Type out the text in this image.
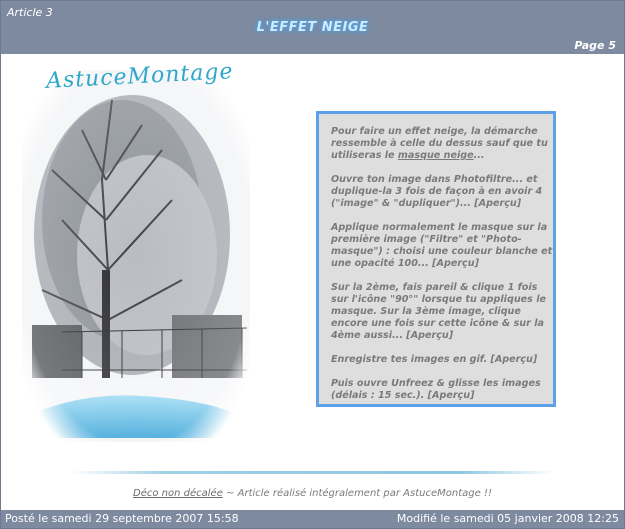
Article 3
L'EFFET NEIGE
Page 5
AstuceMontage

Pour faire un effet neige, la démarche ressemble à celle du dessus sauf que tu utiliseras le masque neige...

Ouvre ton image dans Photofiltre... et duplique-la 3 fois de façon à en avoir 4 ("image" & "dupliquer")... [Aperçu]

Applique normalement le masque sur la première image ("Filtre" et "Photo-masque") : choisi une couleur blanche et une opacité 100... [Aperçu]

Sur la 2ème, fais pareil & clique 1 fois sur l'icône "90°" lorsque tu appliques le masque. Sur la 3ème image, clique encore une fois sur cette icône & sur la 4ème aussi... [Aperçu]

Enregistre tes images en gif. [Aperçu]

Puis ouvre Unfreez & glisse les images (délais : 15 sec.). [Aperçu]

Déco non décalée ~ Article réalisé intégralement par AstuceMontage !!
Posté le samedi 29 septembre 2007 15:58	Modifié le samedi 05 janvier 2008 12:25
